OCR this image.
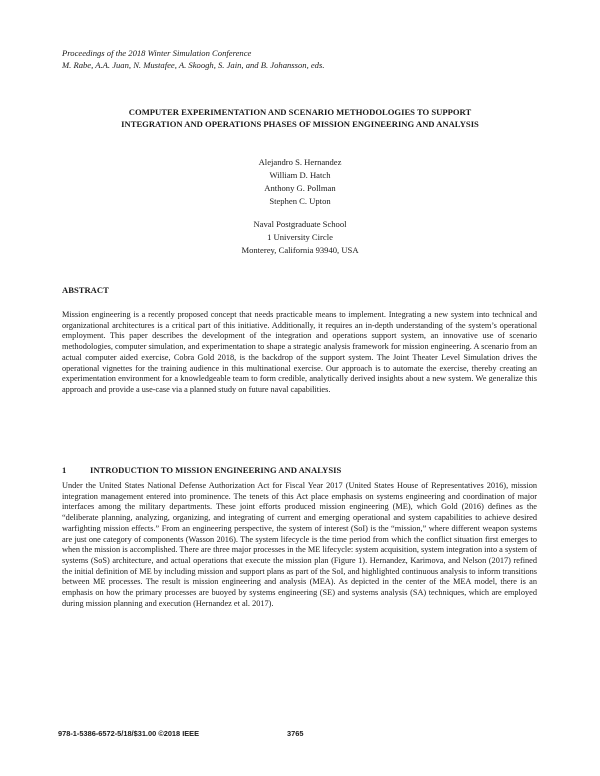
Proceedings of the 2018 Winter Simulation Conference
M. Rabe, A.A. Juan, N. Mustafee, A. Skoogh, S. Jain, and B. Johansson, eds.
COMPUTER EXPERIMENTATION AND SCENARIO METHODOLOGIES TO SUPPORT
INTEGRATION AND OPERATIONS PHASES OF MISSION ENGINEERING AND ANALYSIS
Alejandro S. Hernandez
William D. Hatch
Anthony G. Pollman
Stephen C. Upton
Naval Postgraduate School
1 University Circle
Monterey, California 93940, USA
ABSTRACT
Mission engineering is a recently proposed concept that needs practicable means to implement. Integrating a new system into technical and organizational architectures is a critical part of this initiative. Additionally, it requires an in-depth understanding of the system’s operational employment. This paper describes the development of the integration and operations support system, an innovative use of scenario methodologies, computer simulation, and experimentation to shape a strategic analysis framework for mission engineering. A scenario from an actual computer aided exercise, Cobra Gold 2018, is the backdrop of the support system. The Joint Theater Level Simulation drives the operational vignettes for the training audience in this multinational exercise. Our approach is to automate the exercise, thereby creating an experimentation environment for a knowledgeable team to form credible, analytically derived insights about a new system. We generalize this approach and provide a use-case via a planned study on future naval capabilities.
1	INTRODUCTION TO MISSION ENGINEERING AND ANALYSIS
Under the United States National Defense Authorization Act for Fiscal Year 2017 (United States House of Representatives 2016), mission integration management entered into prominence. The tenets of this Act place emphasis on systems engineering and coordination of major interfaces among the military departments. These joint efforts produced mission engineering (ME), which Gold (2016) defines as the “deliberate planning, analyzing, organizing, and integrating of current and emerging operational and system capabilities to achieve desired warfighting mission effects.” From an engineering perspective, the system of interest (SoI) is the “mission,” where different weapon systems are just one category of components (Wasson 2016). The system lifecycle is the time period from which the conflict situation first emerges to when the mission is accomplished. There are three major processes in the ME lifecycle: system acquisition, system integration into a system of systems (SoS) architecture, and actual operations that execute the mission plan (Figure 1). Hernandez, Karimova, and Nelson (2017) refined the initial definition of ME by including mission and support plans as part of the SoI, and highlighted continuous analysis to inform transitions between ME processes. The result is mission engineering and analysis (MEA). As depicted in the center of the MEA model, there is an emphasis on how the primary processes are buoyed by systems engineering (SE) and systems analysis (SA) techniques, which are employed during mission planning and execution (Hernandez et al. 2017).
978-1-5386-6572-5/18/$31.00 ©2018 IEEE	3765
